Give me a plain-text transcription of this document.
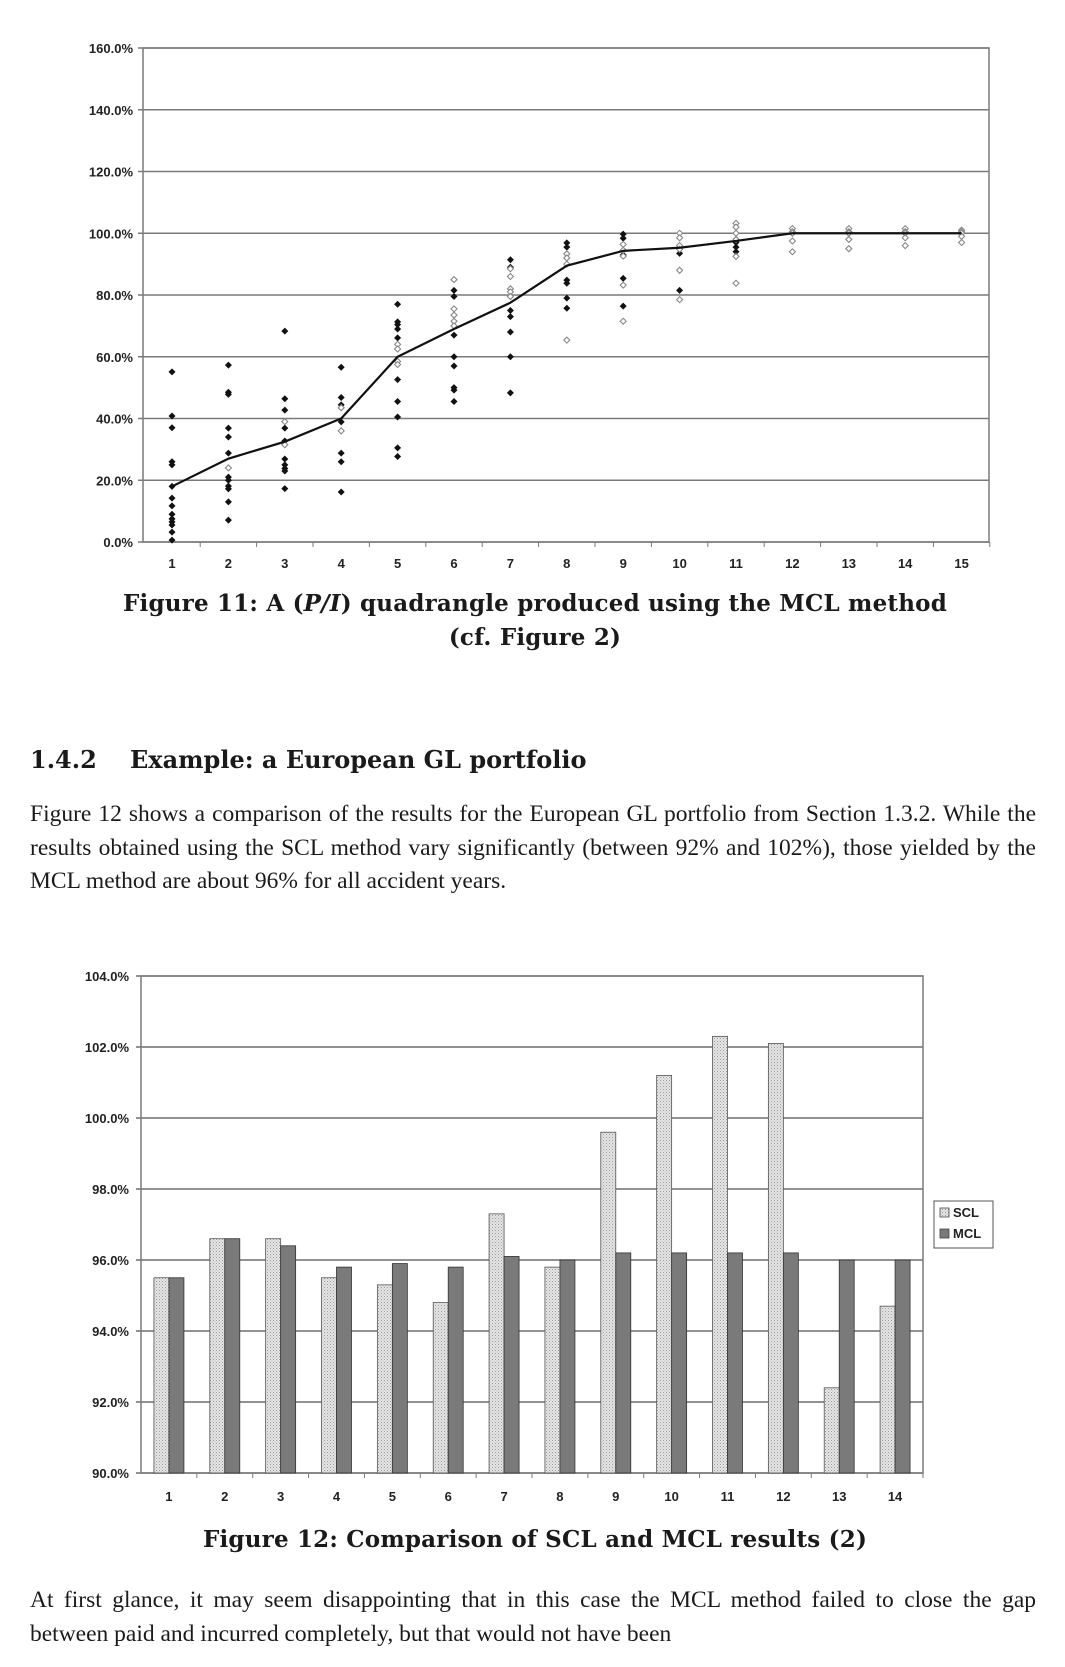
0.0%
20.0%
40.0%
60.0%
80.0%
100.0%
120.0%
140.0%
160.0%
1	2	3	4	5	6	7	8	9	10	11	12	13	14	15
Figure 11: A (P/I) quadrangle produced using the MCL method
(cf. Figure 2)
1.4.2 Example: a European GL portfolio
Figure 12 shows a comparison of the results for the European GL portfolio from Section 1.3.2. While the results obtained using the SCL method vary significantly (between 92% and 102%), those yielded by the MCL method are about 96% for all accident years.
90.0%
92.0%
94.0%
96.0%
98.0%
100.0%
102.0%
104.0%
1	2	3	4	5	6	7	8	9	10	11	12	13	14
SCL
MCL
Figure 12: Comparison of SCL and MCL results (2)
At first glance, it may seem disappointing that in this case the MCL method failed to close the gap between paid and incurred completely, but that would not have been
